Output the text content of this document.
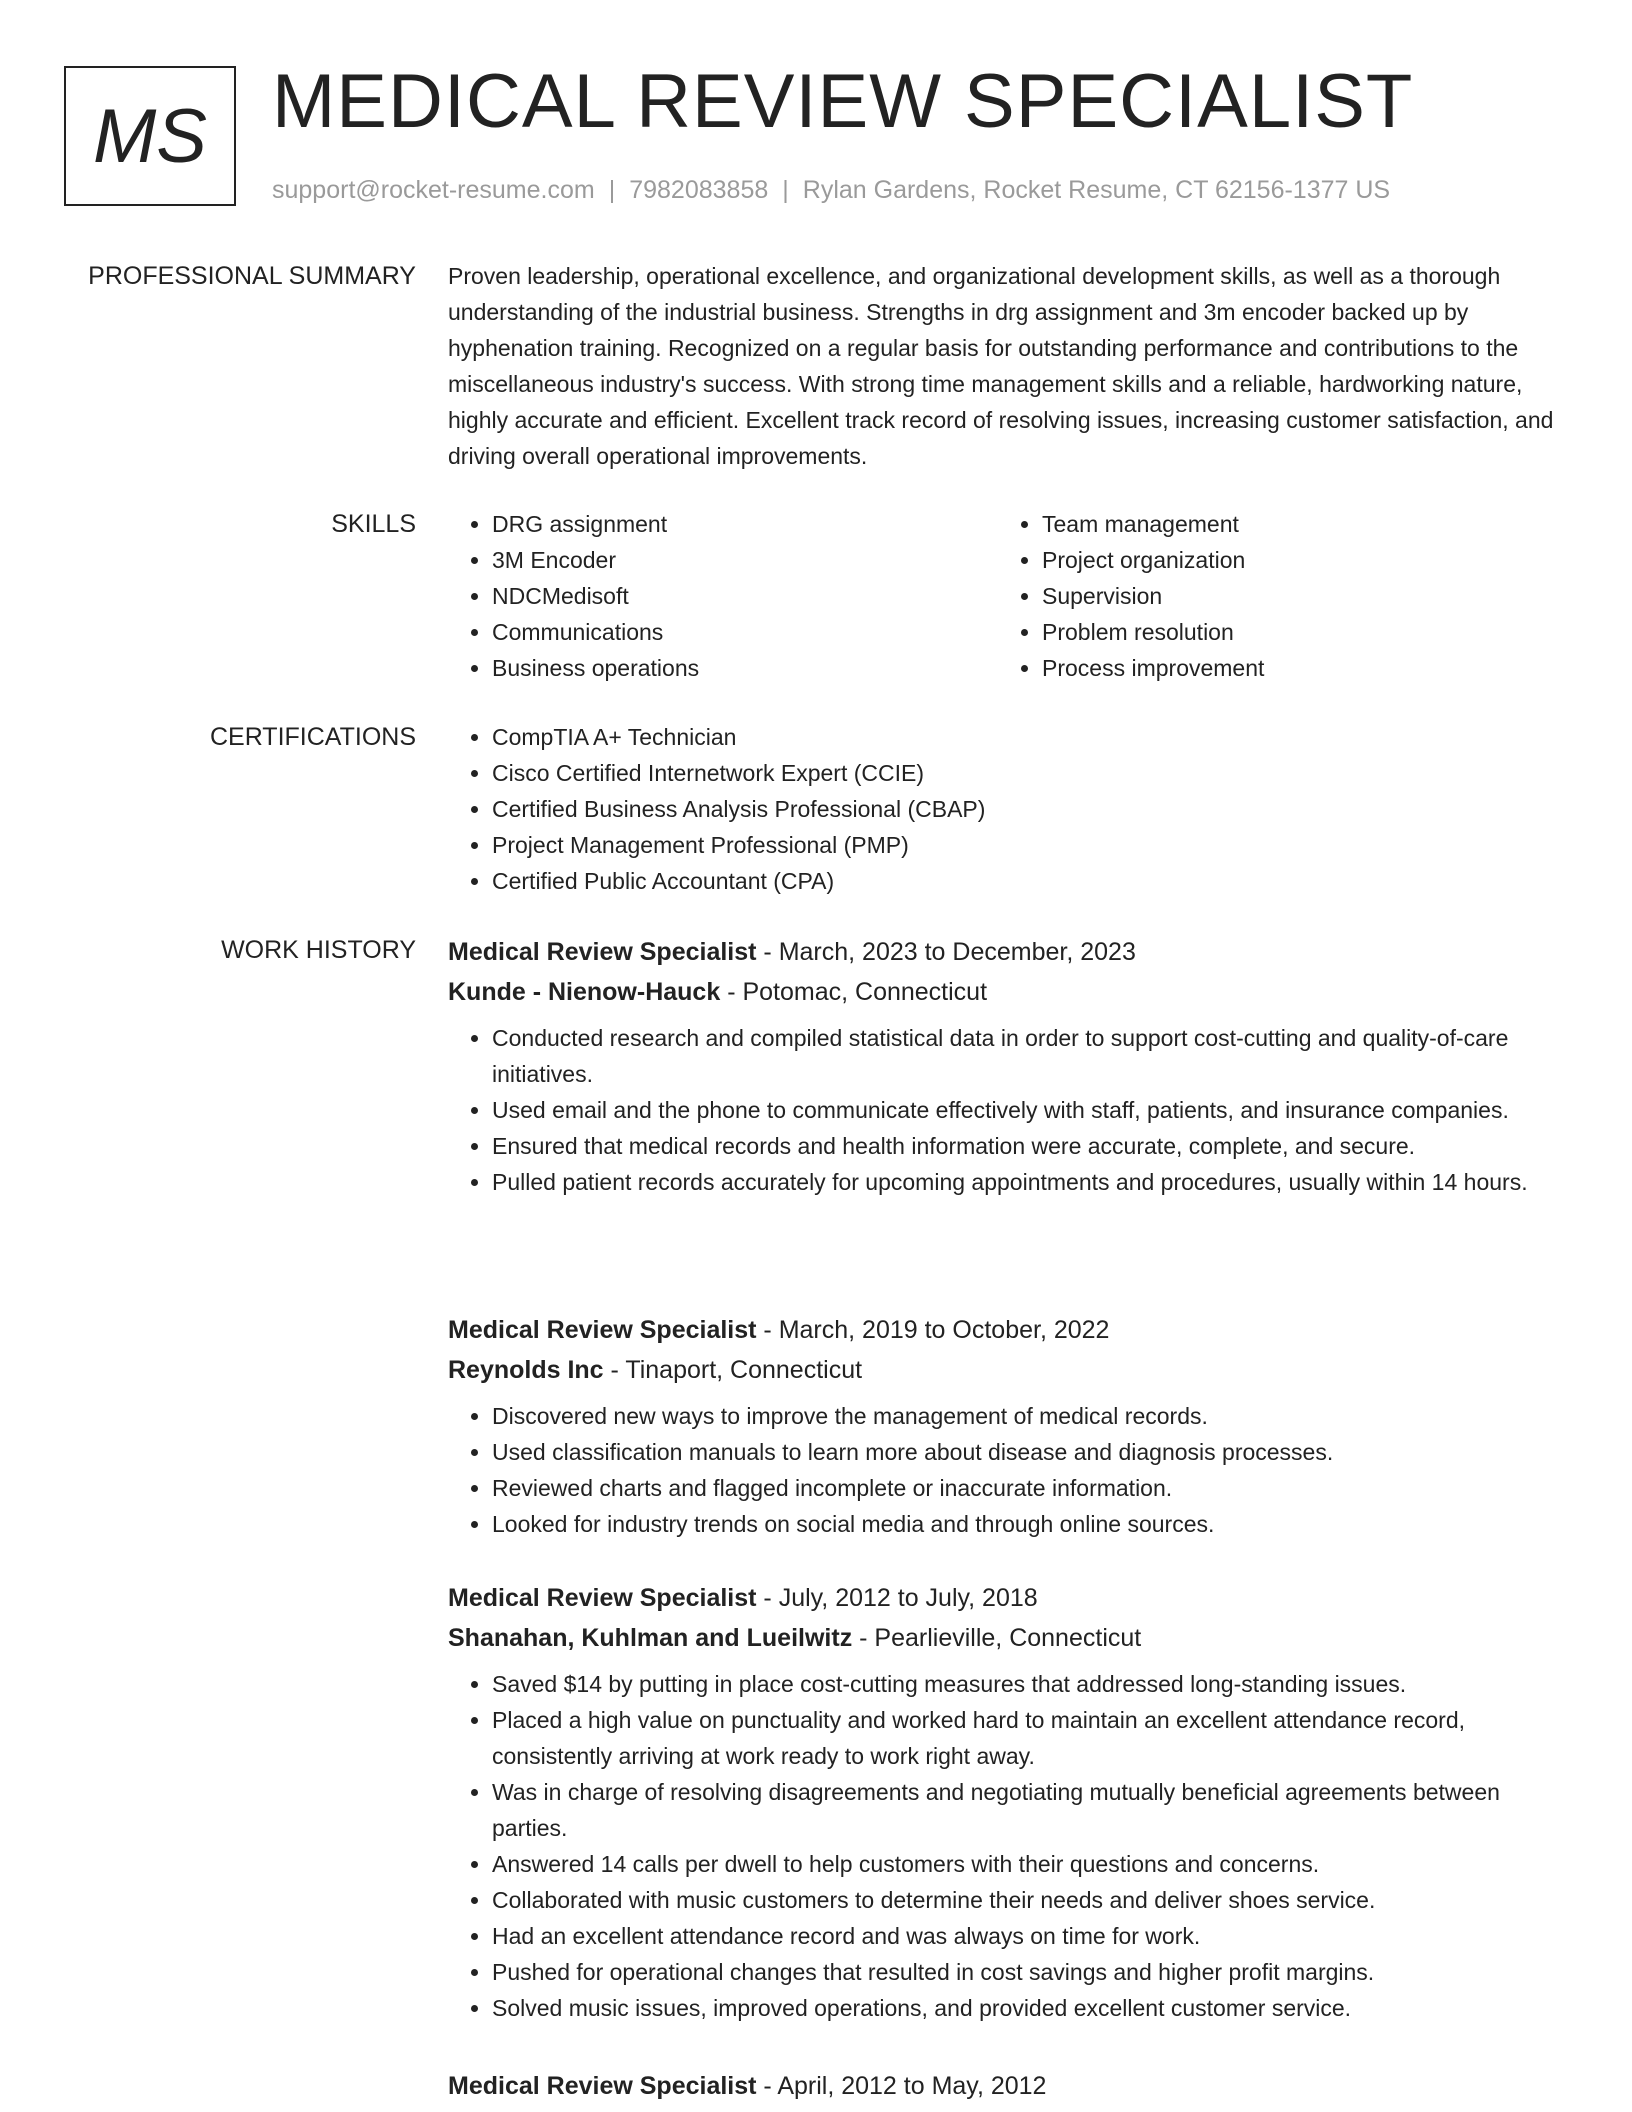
MS MEDICAL REVIEW SPECIALIST
support@rocket-resume.com | 7982083858 | Rylan Gardens, Rocket Resume, CT 62156-1377 US
PROFESSIONAL SUMMARY Proven leadership, operational excellence, and organizational development skills, as well as a thorough understanding of the industrial business. Strengths in drg assignment and 3m encoder backed up by hyphenation training. Recognized on a regular basis for outstanding performance and contributions to the miscellaneous industry's success. With strong time management skills and a reliable, hardworking nature, highly accurate and efficient. Excellent track record of resolving issues, increasing customer satisfaction, and driving overall operational improvements.

SKILLS	• DRG assignment
• 3M Encoder
• NDCMedisoft
• Communications
• Business operations
• Team management
• Project organization
• Supervision
• Problem resolution
• Process improvement
CERTIFICATIONS	• CompTIA A+ Technician
• Cisco Certified Internetwork Expert (CCIE)
• Certified Business Analysis Professional (CBAP)
• Project Management Professional (PMP)
• Certified Public Accountant (CPA)
WORK HISTORY Medical Review Specialist - March, 2023 to December, 2023
Kunde - Nienow-Hauck - Potomac, Connecticut
• Conducted research and compiled statistical data in order to support cost-cutting and quality-of-care initiatives.
• Used email and the phone to communicate effectively with staff, patients, and insurance companies.
• Ensured that medical records and health information were accurate, complete, and secure.
• Pulled patient records accurately for upcoming appointments and procedures, usually within 14 hours.
Medical Review Specialist - March, 2019 to October, 2022
Reynolds Inc - Tinaport, Connecticut
• Discovered new ways to improve the management of medical records.
• Used classification manuals to learn more about disease and diagnosis processes.
• Reviewed charts and flagged incomplete or inaccurate information.
• Looked for industry trends on social media and through online sources.
Medical Review Specialist - July, 2012 to July, 2018
Shanahan, Kuhlman and Lueilwitz - Pearlieville, Connecticut
• Saved $14 by putting in place cost-cutting measures that addressed long-standing issues.
• Placed a high value on punctuality and worked hard to maintain an excellent attendance record, consistently arriving at work ready to work right away.
• Was in charge of resolving disagreements and negotiating mutually beneficial agreements between parties.
• Answered 14 calls per dwell to help customers with their questions and concerns.
• Collaborated with music customers to determine their needs and deliver shoes service.
• Had an excellent attendance record and was always on time for work.
• Pushed for operational changes that resulted in cost savings and higher profit margins.
• Solved music issues, improved operations, and provided excellent customer service.
Medical Review Specialist - April, 2012 to May, 2012
